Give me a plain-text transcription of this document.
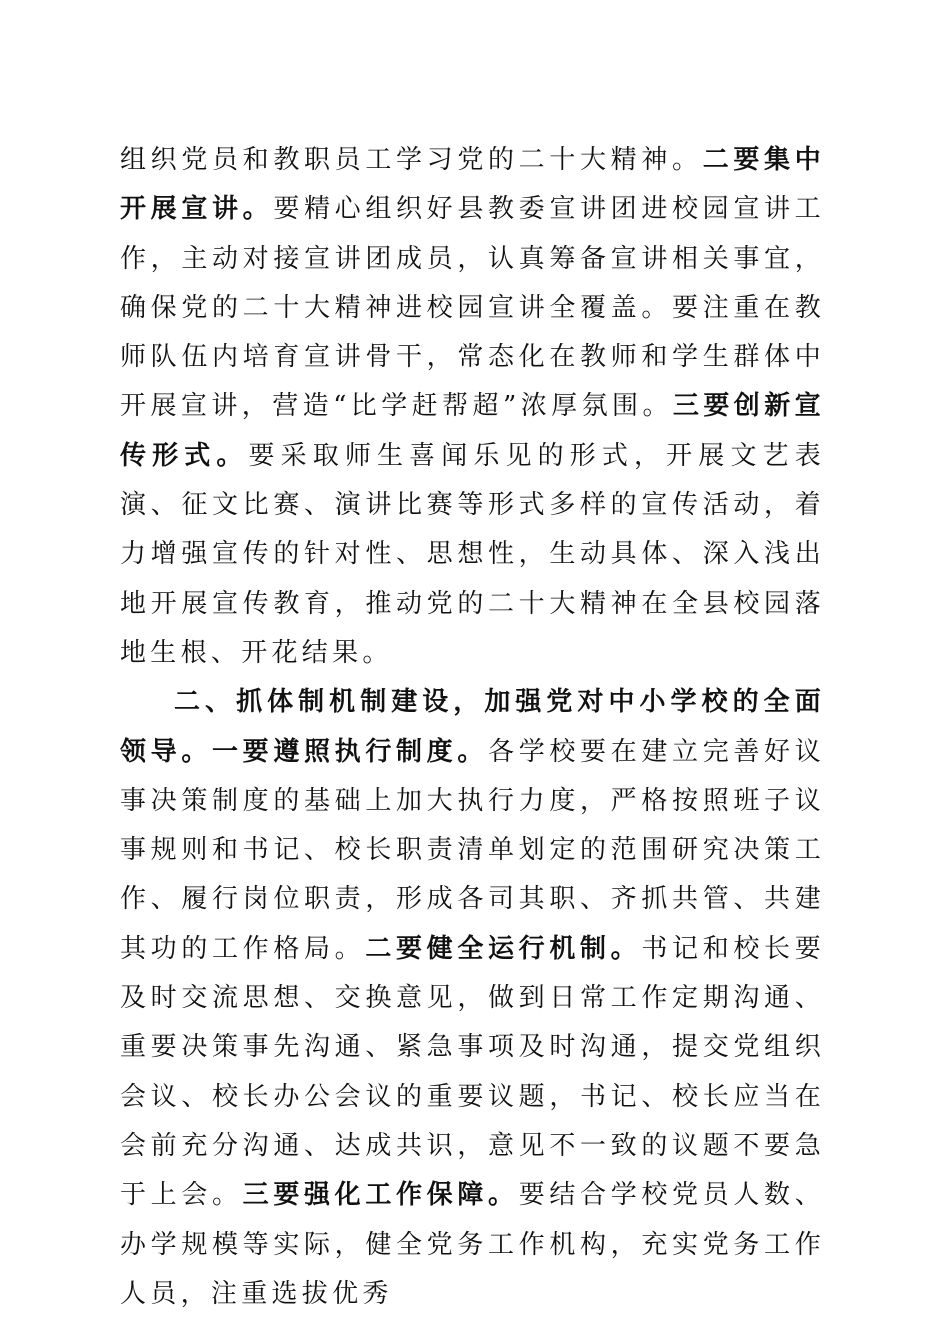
组织党员和教职员工学习党的二十大精神。二要集中开展宣讲。要精心组织好县教委宣讲团进校园宣讲工作，主动对接宣讲团成员，认真筹备宣讲相关事宜，确保党的二十大精神进校园宣讲全覆盖。要注重在教师队伍内培育宣讲骨干，常态化在教师和学生群体中开展宣讲，营造“比学赶帮超”浓厚氛围。三要创新宣传形式。要采取师生喜闻乐见的形式，开展文艺表演、征文比赛、演讲比赛等形式多样的宣传活动，着力增强宣传的针对性、思想性，生动具体、深入浅出地开展宣传教育，推动党的二十大精神在全县校园落地生根、开花结果。

二、抓体制机制建设，加强党对中小学校的全面领导。一要遵照执行制度。各学校要在建立完善好议事决策制度的基础上加大执行力度，严格按照班子议事规则和书记、校长职责清单划定的范围研究决策工作、履行岗位职责，形成各司其职、齐抓共管、共建其功的工作格局。二要健全运行机制。书记和校长要及时交流思想、交换意见，做到日常工作定期沟通、重要决策事先沟通、紧急事项及时沟通，提交党组织会议、校长办公会议的重要议题，书记、校长应当在会前充分沟通、达成共识，意见不一致的议题不要急于上会。三要强化工作保障。要结合学校党员人数、办学规模等实际，健全党务工作机构，充实党务工作人员，注重选拔优秀
